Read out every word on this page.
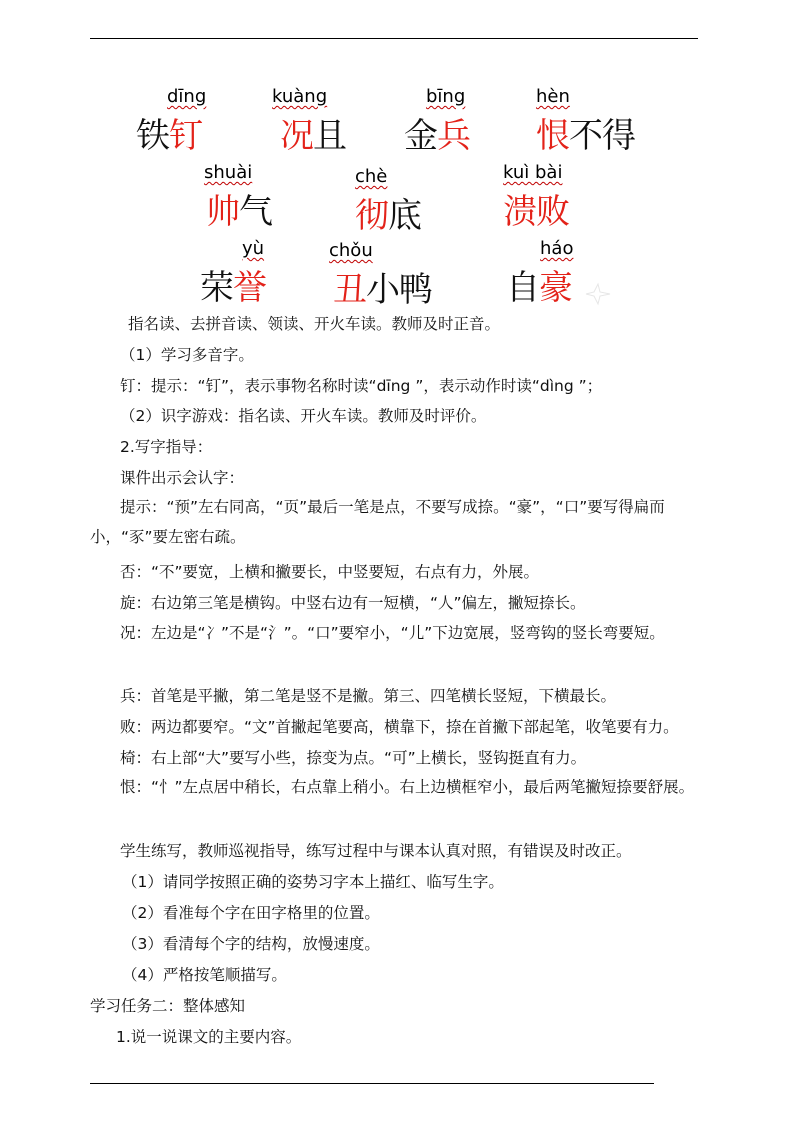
dīng
铁钉
kuàng
况且
bīng
金兵
hèn
恨不得
shuài
帅气
chè
彻底
kuì bài
溃败
yù
荣誉
chǒu
丑小鸭
háo
自豪
指名读、去拼音读、领读、开火车读。教师及时正音。
（1）学习多音字。
钉：提示：“钉”，表示事物名称时读“dīng ”，表示动作时读“dìng ”；
（2）识字游戏：指名读、开火车读。教师及时评价。
2.写字指导：
课件出示会认字：
提示：“预”左右同高，“页”最后一笔是点，不要写成捺。“豪”，“口”要写得扁而小，“豕”要左密右疏。
否：“不”要宽，上横和撇要长，中竖要短，右点有力，外展。
旋：右边第三笔是横钩。中竖右边有一短横，“人”偏左，撇短捺长。
况：左边是“冫”不是“氵”。“口”要窄小，“儿”下边宽展，竖弯钩的竖长弯要短。
兵：首笔是平撇，第二笔是竖不是撇。第三、四笔横长竖短，下横最长。
败：两边都要窄。“文”首撇起笔要高，横靠下，捺在首撇下部起笔，收笔要有力。
椅：右上部“大”要写小些，捺变为点。“可”上横长，竖钩挺直有力。
恨：“忄”左点居中稍长，右点靠上稍小。右上边横框窄小，最后两笔撇短捺要舒展。
学生练写，教师巡视指导，练写过程中与课本认真对照，有错误及时改正。
（1）请同学按照正确的姿势习字本上描红、临写生字。
（2）看准每个字在田字格里的位置。
（3）看清每个字的结构，放慢速度。
（4）严格按笔顺描写。
学习任务二：整体感知
1.说一说课文的主要内容。
